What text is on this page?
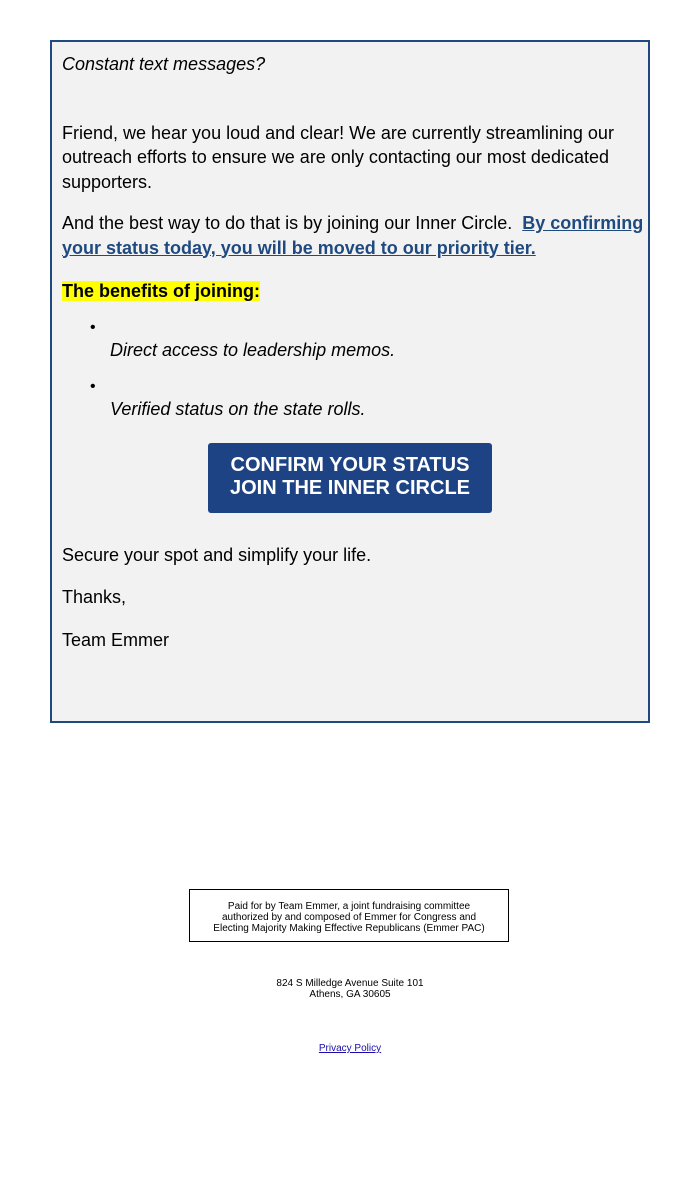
Constant text messages?

Friend, we hear you loud and clear! We are currently streamlining our outreach efforts to ensure we are only contacting our most dedicated supporters.

And the best way to do that is by joining our Inner Circle. By confirming your status today, you will be moved to our priority tier.

The benefits of joining:

•
Direct access to leadership memos.
•
Verified status on the state rolls.
CONFIRM YOUR STATUS
JOIN THE INNER CIRCLE

Secure your spot and simplify your life.

Thanks,

Team Emmer

Paid for by Team Emmer, a joint fundraising committee
authorized by and composed of Emmer for Congress and
Electing Majority Making Effective Republicans (Emmer PAC)
824 S Milledge Avenue Suite 101
Athens, GA 30605
Privacy Policy
